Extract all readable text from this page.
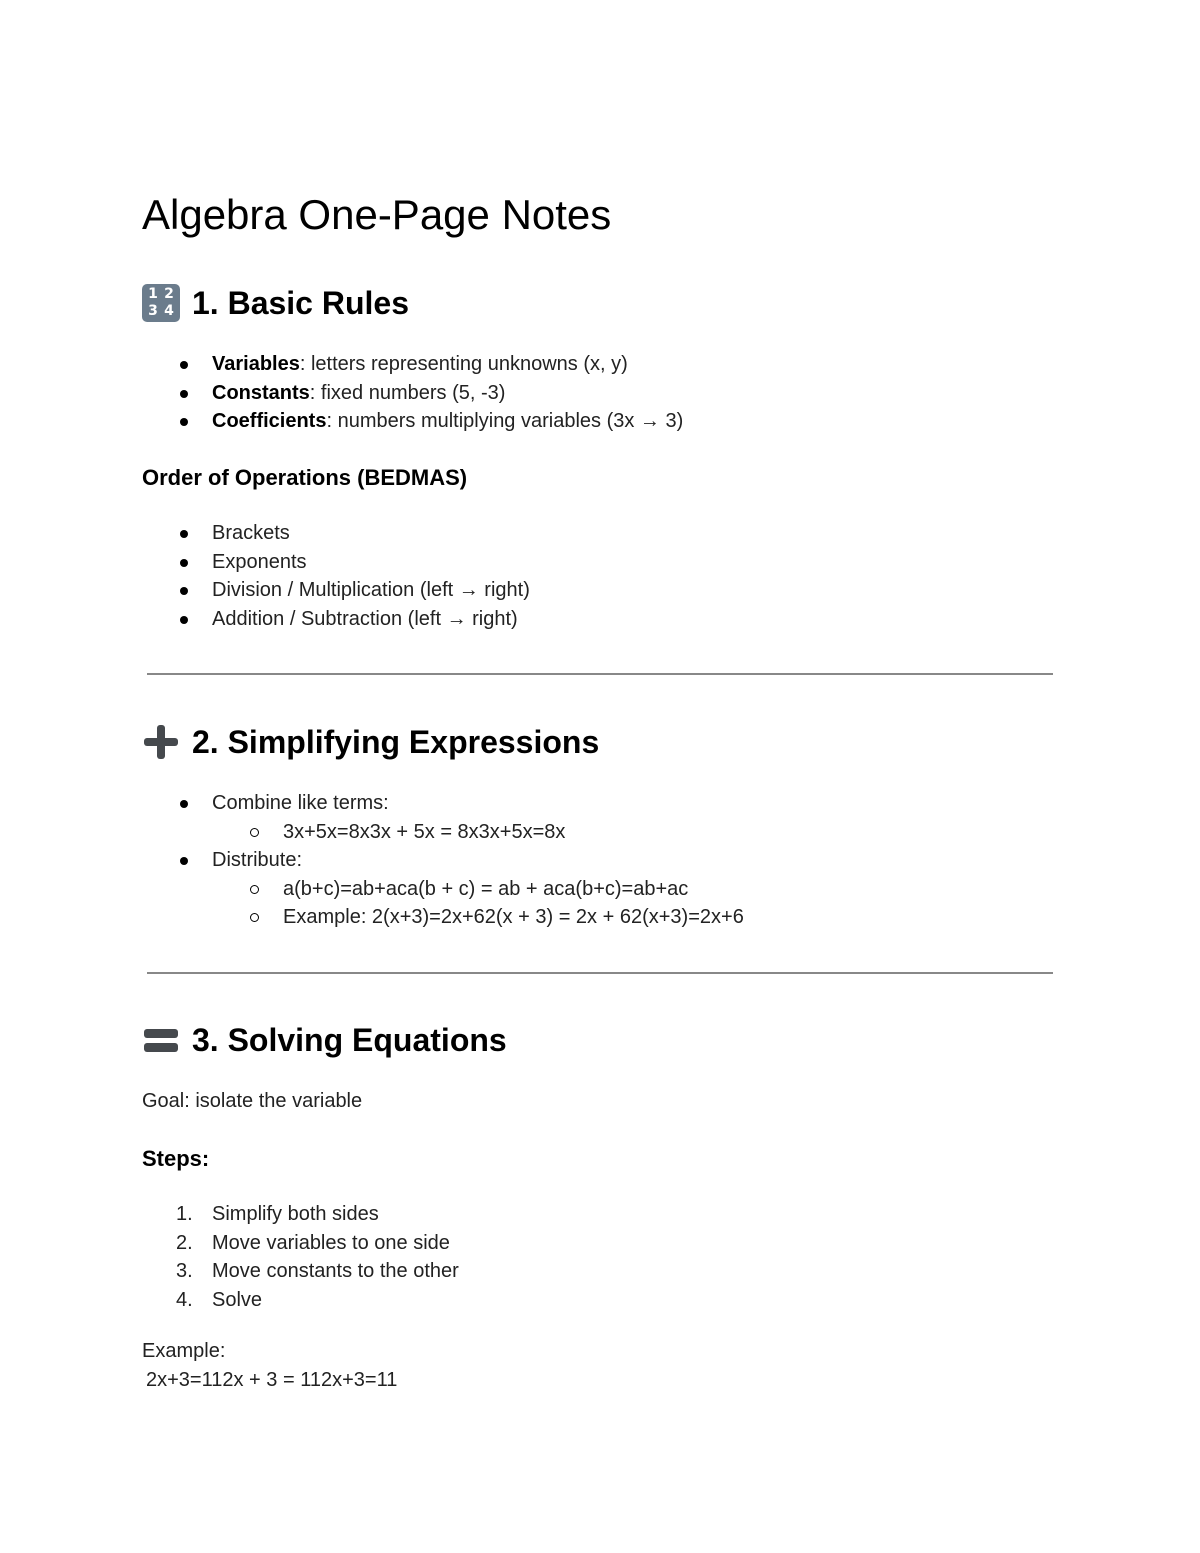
Algebra One-Page Notes
1 2
3 4 1. Basic Rules
Variables: letters representing unknowns (x, y)
Constants: fixed numbers (5, -3)
Coefficients: numbers multiplying variables (3x → 3)
Order of Operations (BEDMAS)
Brackets
Exponents
Division / Multiplication (left → right)
Addition / Subtraction (left → right)
2. Simplifying Expressions
Combine like terms:
3x+5x=8x3x + 5x = 8x3x+5x=8x
Distribute:
a(b+c)=ab+aca(b + c) = ab + aca(b+c)=ab+ac
Example: 2(x+3)=2x+62(x + 3) = 2x + 62(x+3)=2x+6
3. Solving Equations

Goal: isolate the variable

Steps:
1. Simplify both sides
2. Move variables to one side
3. Move constants to the other
4. Solve

Example:

2x+3=112x + 3 = 112x+3=11
